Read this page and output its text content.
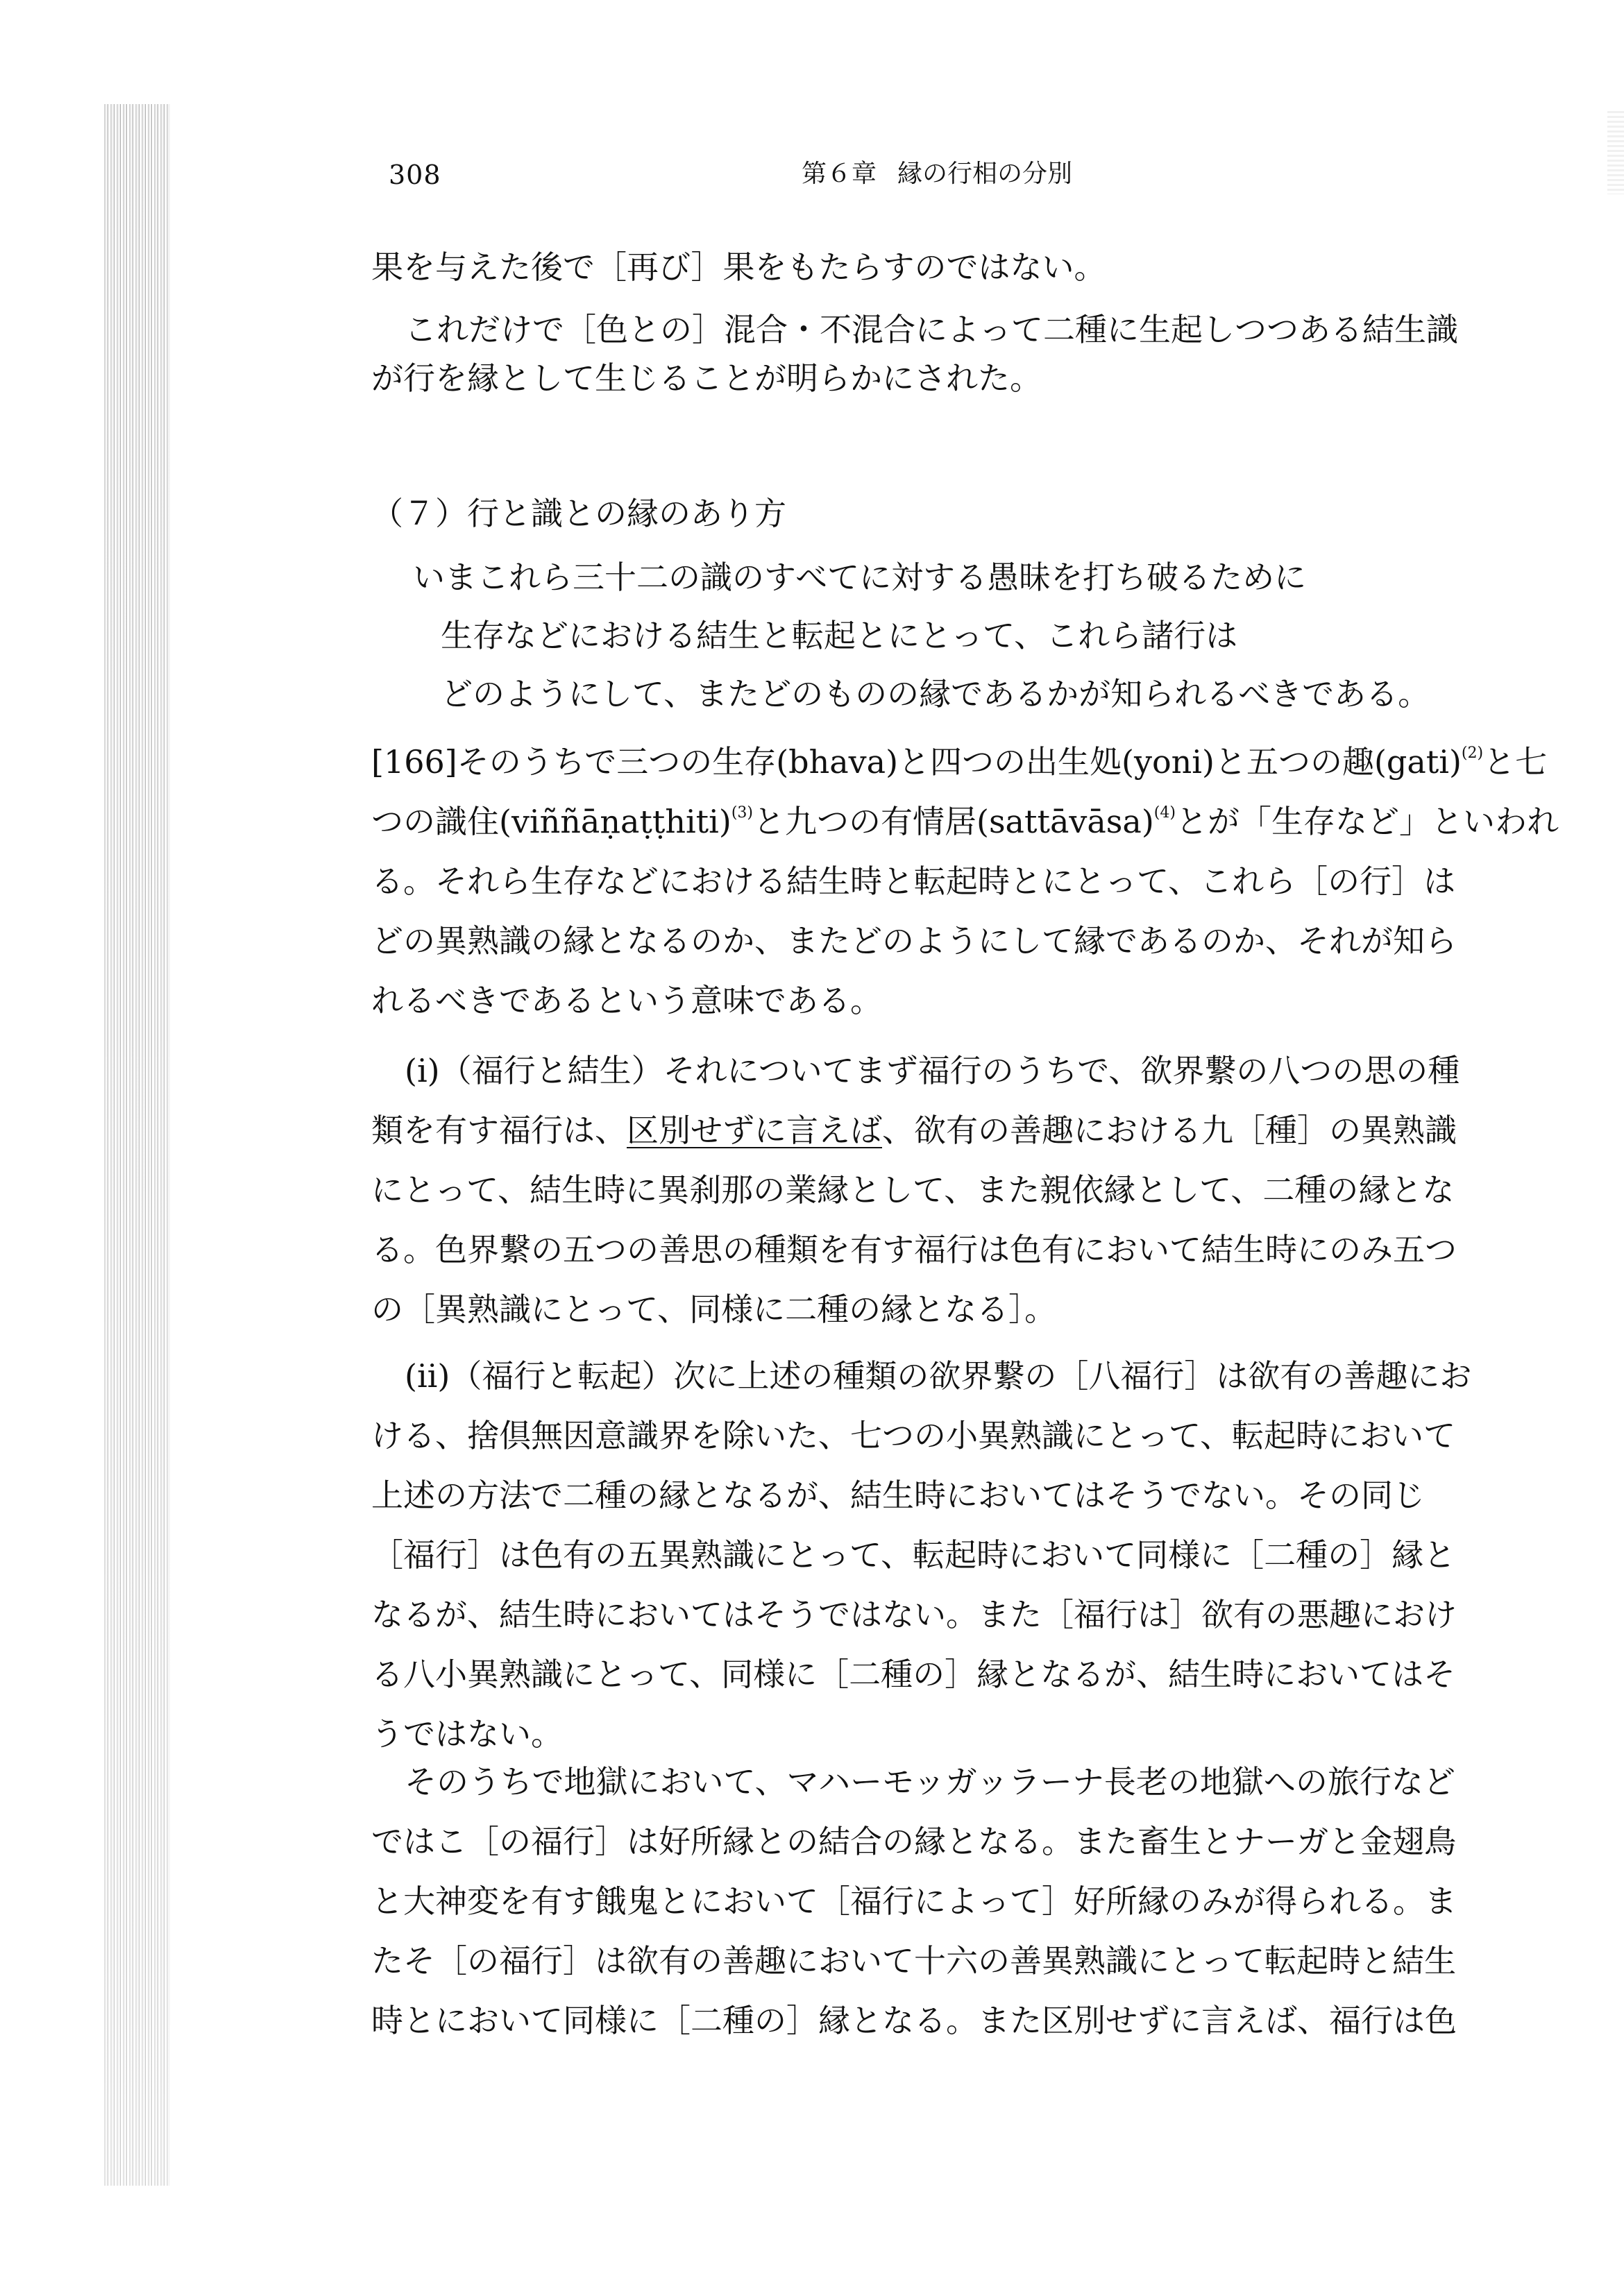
308	第６章 縁の行相の分別
果を与えた後で［再び］果をもたらすのではない。
これだけで［色との］混合・不混合によって二種に生起しつつある結生識
が行を縁として生じることが明らかにされた。
（７）行と識との縁のあり方
いまこれら三十二の識のすべてに対する愚昧を打ち破るために
生存などにおける結生と転起とにとって、これら諸行は
どのようにして、またどのものの縁であるかが知られるべきである。
[166]そのうちで三つの生存(bhava)と四つの出生処(yoni)と五つの趣(gati)$^{(2)}$と七
つの識住(viññāṇaṭṭhiti)$^{(3)}$と九つの有情居(sattāvāsa)$^{(4)}$とが「生存など」といわれ
る。それら生存などにおける結生時と転起時とにとって、これら［の行］は
どの異熟識の縁となるのか、またどのようにして縁であるのか、それが知ら
れるべきであるという意味である。
(i)（福行と結生）それについてまず福行のうちで、欲界繋の八つの思の種
類を有す福行は、区別せずに言えば、欲有の善趣における九［種］の異熟識
にとって、結生時に異刹那の業縁として、また親依縁として、二種の縁とな
る。色界繋の五つの善思の種類を有す福行は色有において結生時にのみ五つ
の［異熟識にとって、同様に二種の縁となる］。
(ii)（福行と転起）次に上述の種類の欲界繋の［八福行］は欲有の善趣にお
ける、捨倶無因意識界を除いた、七つの小異熟識にとって、転起時において
上述の方法で二種の縁となるが、結生時においてはそうでない。その同じ
［福行］は色有の五異熟識にとって、転起時において同様に［二種の］縁と
なるが、結生時においてはそうではない。また［福行は］欲有の悪趣におけ
る八小異熟識にとって、同様に［二種の］縁となるが、結生時においてはそ
うではない。
そのうちで地獄において、マハーモッガッラーナ長老の地獄への旅行など
ではこ［の福行］は好所縁との結合の縁となる。また畜生とナーガと金翅鳥
と大神変を有す餓鬼とにおいて［福行によって］好所縁のみが得られる。ま
たそ［の福行］は欲有の善趣において十六の善異熟識にとって転起時と結生
時とにおいて同様に［二種の］縁となる。また区別せずに言えば、福行は色
